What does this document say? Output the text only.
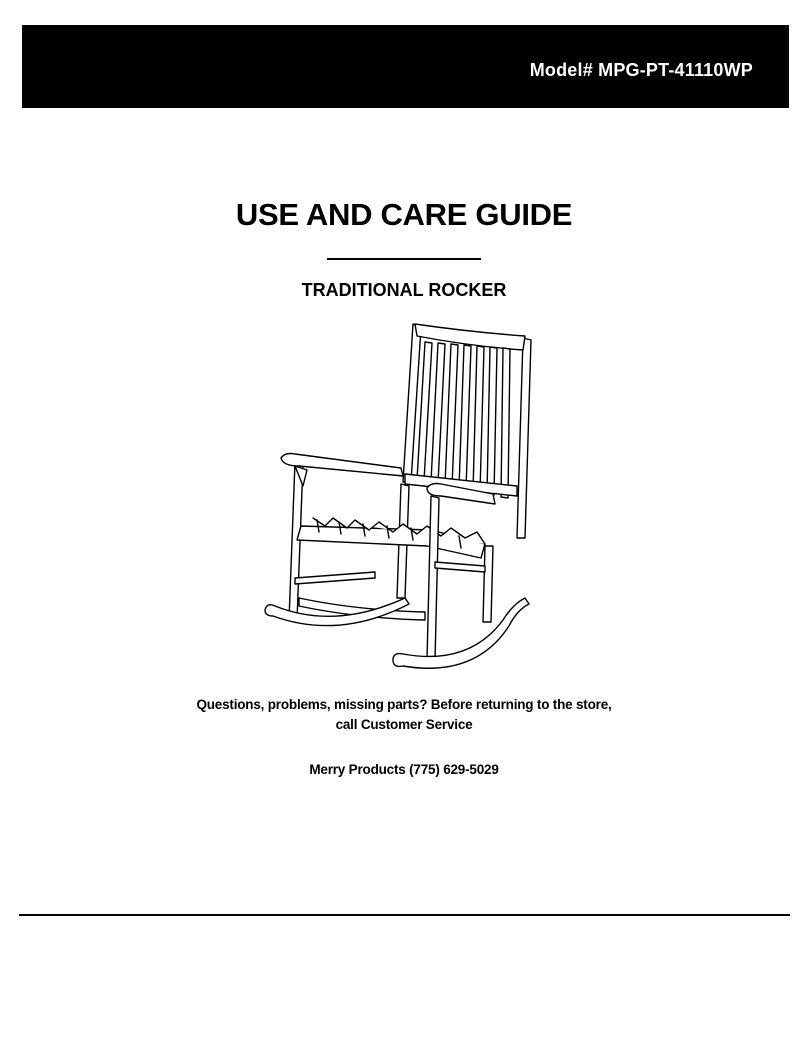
Model# MPG-PT-41110WP
USE AND CARE GUIDE
TRADITIONAL ROCKER
Questions, problems, missing parts? Before returning to the store,
call Customer Service
Merry Products (775) 629-5029
